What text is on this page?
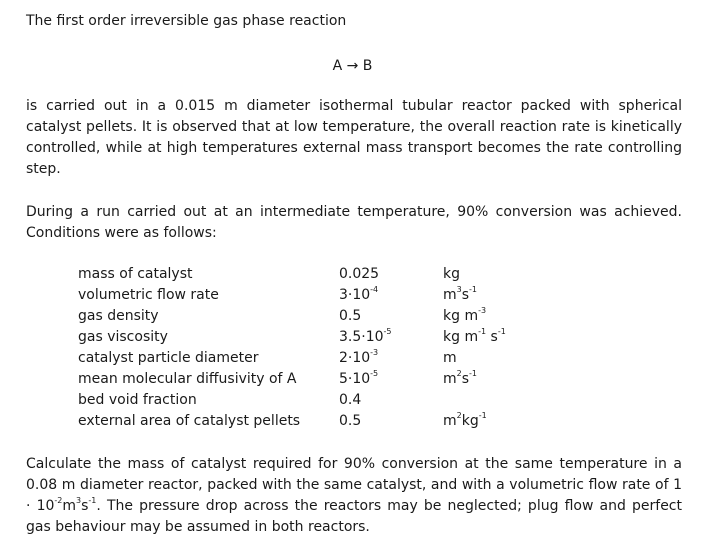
The first order irreversible gas phase reaction

A → B

is carried out in a 0.015 m diameter isothermal tubular reactor packed with spherical catalyst pellets. It is observed that at low temperature, the overall reaction rate is kinetically controlled, while at high temperatures external mass transport becomes the rate controlling step.

During a run carried out at an intermediate temperature, 90% conversion was achieved. Conditions were as follows:

mass of catalyst	0.025	kg
volumetric flow rate	$3\cdot 10^{-4}$	$m^3s^{-1}$
gas density	0.5	kg $m^{-3}$
gas viscosity	$3.5\cdot 10^{-5}$	kg $m^{-1}$ $s^{-1}$
catalyst particle diameter	$2\cdot 10^{-3}$	m
mean molecular diffusivity of A	$5\cdot 10^{-5}$	$m^2s^{-1}$
bed void fraction	0.4	
external area of catalyst pellets	0.5	$m^2kg^{-1}$

Calculate the mass of catalyst required for 90% conversion at the same temperature in a 0.08 m diameter reactor, packed with the same catalyst, and with a volumetric flow rate of $1 \cdot 10^{-2}m^3s^{-1}$. The pressure drop across the reactors may be neglected; plug flow and perfect gas behaviour may be assumed in both reactors.
